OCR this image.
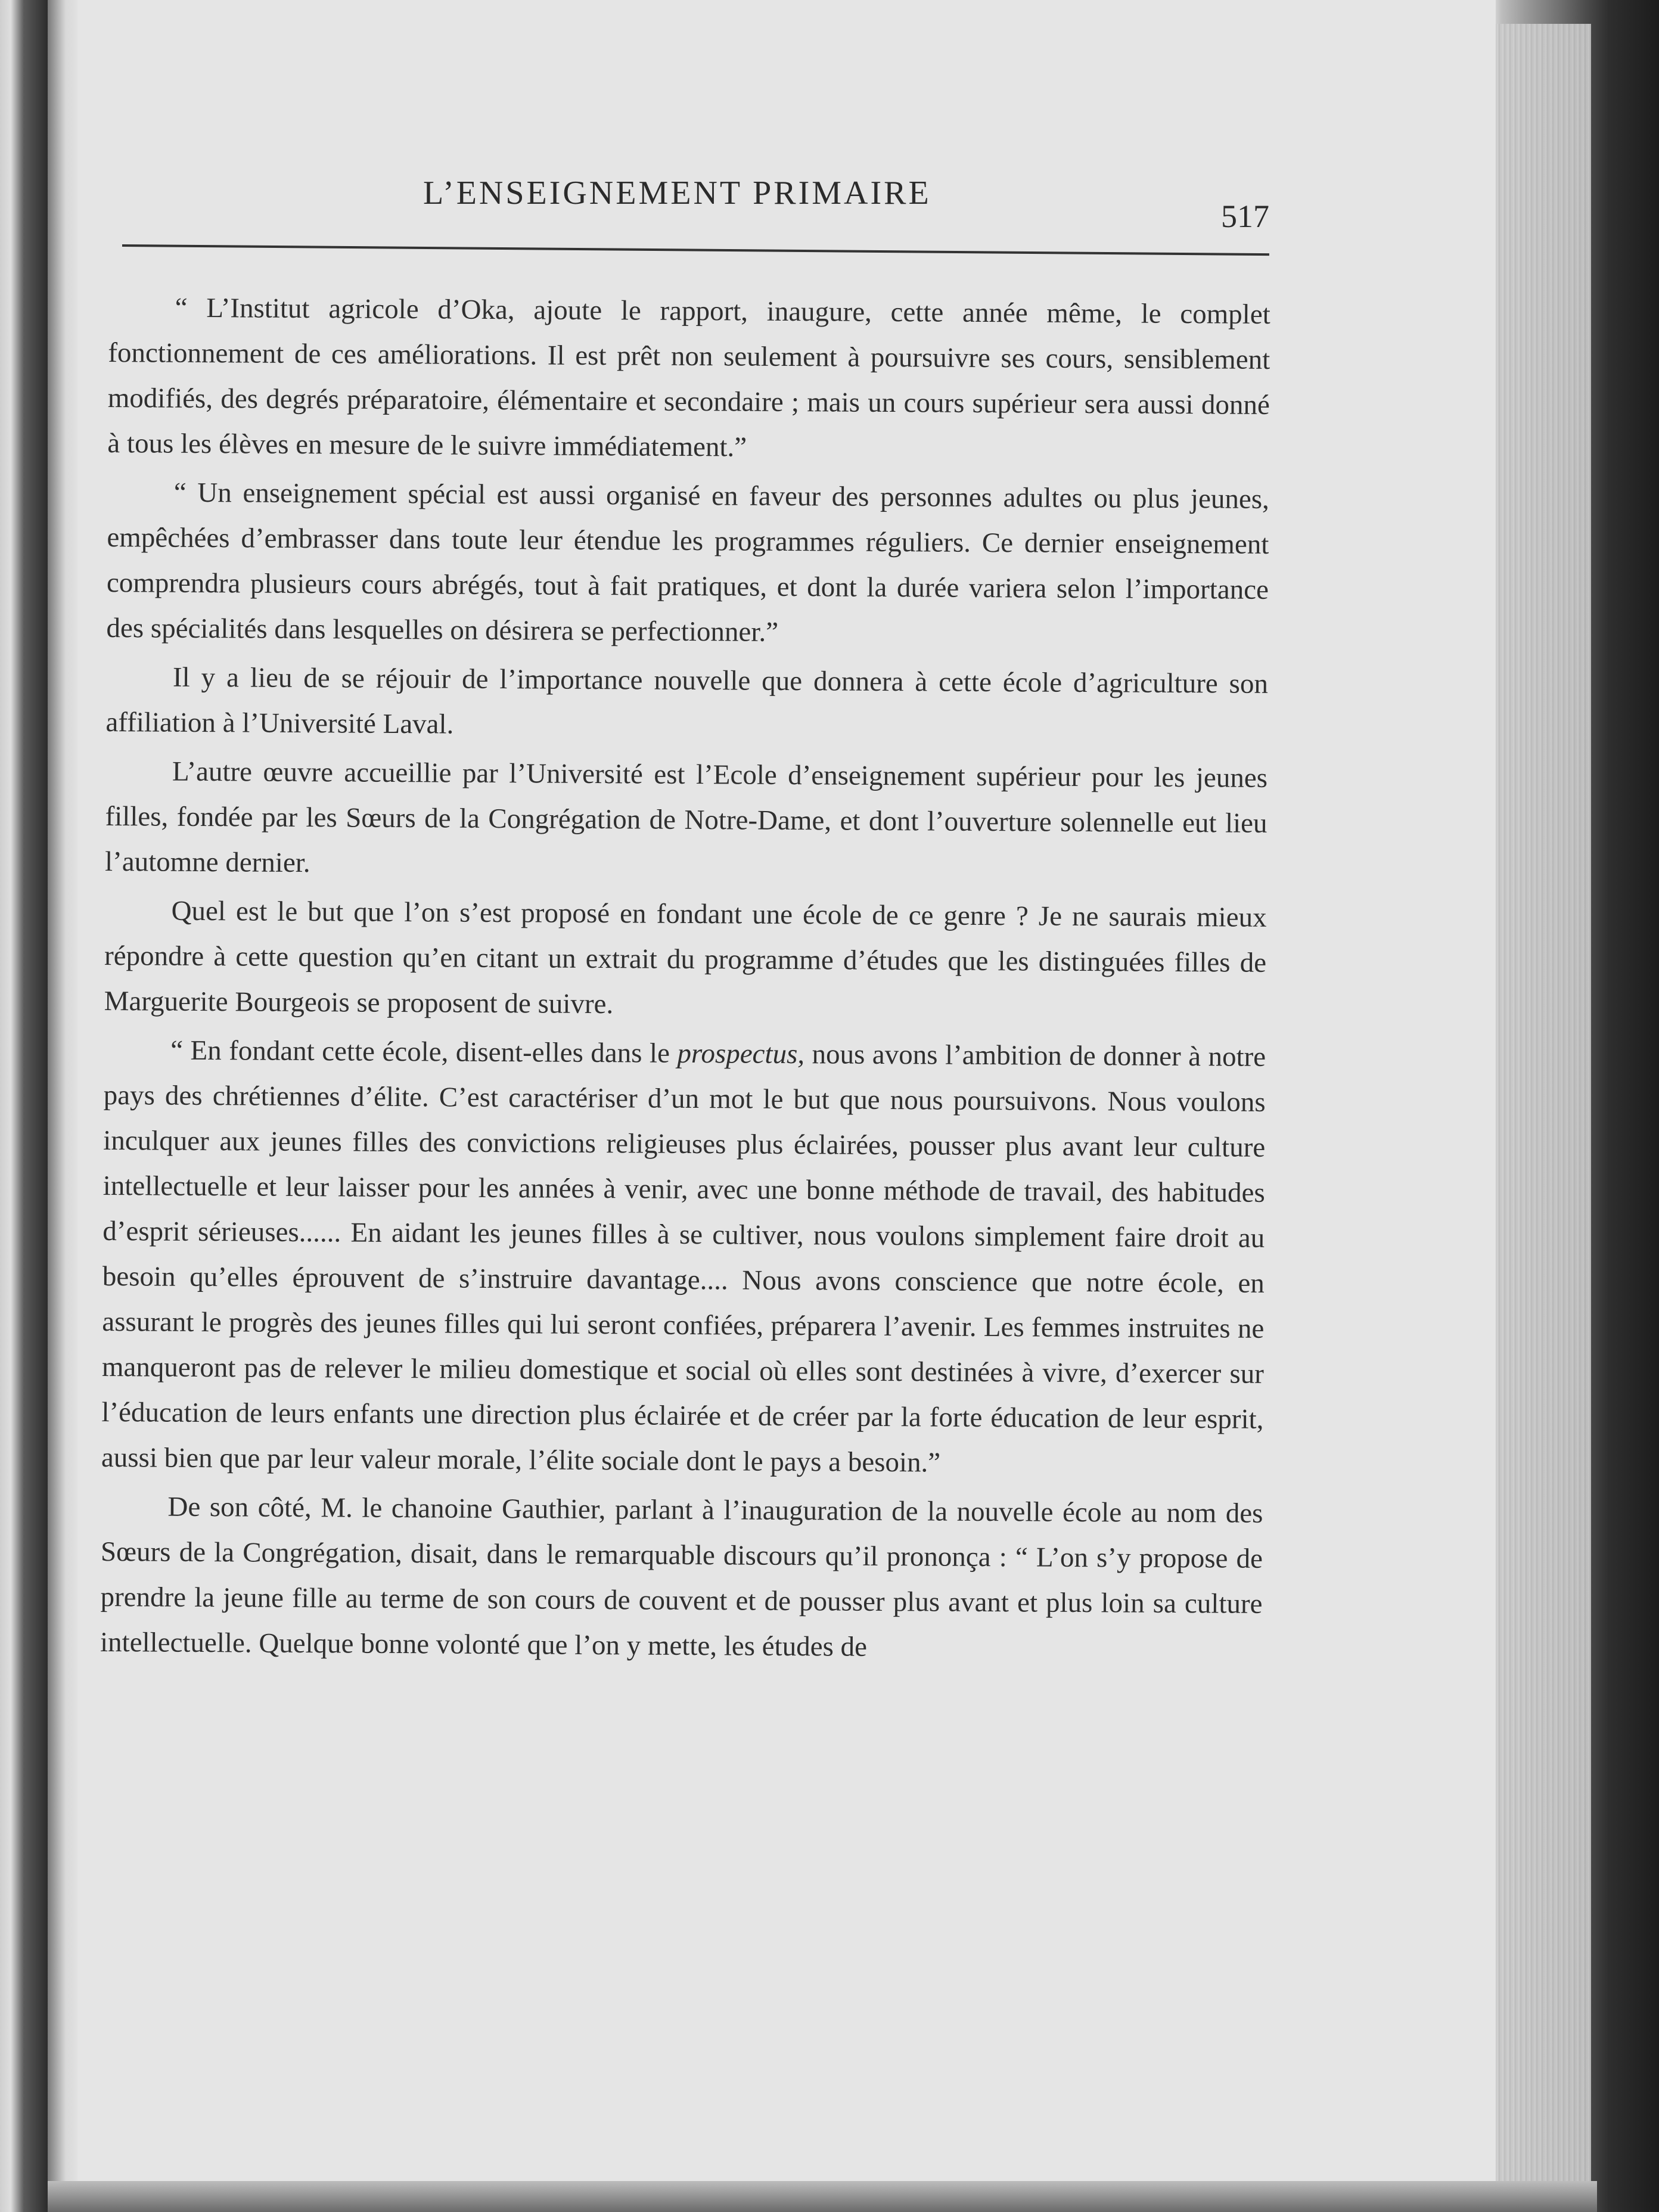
L’ENSEIGNEMENT PRIMAIRE
517

“ L’Institut agricole d’Oka, ajoute le rapport, inaugure, cette année même, le complet fonctionnement de ces améliorations. Il est prêt non seulement à poursuivre ses cours, sensiblement modifiés, des degrés préparatoire, élémentaire et secondaire ; mais un cours supérieur sera aussi donné à tous les élèves en mesure de le suivre immédiatement.”

“ Un enseignement spécial est aussi organisé en faveur des personnes adultes ou plus jeunes, empêchées d’embrasser dans toute leur étendue les programmes réguliers. Ce dernier enseignement comprendra plusieurs cours abrégés, tout à fait pratiques, et dont la durée variera selon l’importance des spécialités dans lesquelles on désirera se perfectionner.”

Il y a lieu de se réjouir de l’importance nouvelle que donnera à cette école d’agriculture son affiliation à l’Université Laval.

L’autre œuvre accueillie par l’Université est l’Ecole d’enseignement supérieur pour les jeunes filles, fondée par les Sœurs de la Congrégation de Notre-Dame, et dont l’ouverture solennelle eut lieu l’automne dernier.

Quel est le but que l’on s’est proposé en fondant une école de ce genre ? Je ne saurais mieux répondre à cette question qu’en citant un extrait du programme d’études que les distinguées filles de Marguerite Bourgeois se proposent de suivre.

“ En fondant cette école, disent-elles dans le prospectus, nous avons l’ambition de donner à notre pays des chrétiennes d’élite. C’est caractériser d’un mot le but que nous poursuivons. Nous voulons inculquer aux jeunes filles des convictions religieuses plus éclairées, pousser plus avant leur culture intellectuelle et leur laisser pour les années à venir, avec une bonne méthode de travail, des habitudes d’esprit sérieuses...... En aidant les jeunes filles à se cultiver, nous voulons simplement faire droit au besoin qu’elles éprouvent de s’instruire davantage.... Nous avons conscience que notre école, en assurant le progrès des jeunes filles qui lui seront confiées, préparera l’avenir. Les femmes instruites ne manqueront pas de relever le milieu domestique et social où elles sont destinées à vivre, d’exercer sur l’éducation de leurs enfants une direction plus éclairée et de créer par la forte éducation de leur esprit, aussi bien que par leur valeur morale, l’élite sociale dont le pays a besoin.”

De son côté, M. le chanoine Gauthier, parlant à l’inauguration de la nouvelle école au nom des Sœurs de la Congrégation, disait, dans le remarquable discours qu’il prononça : “ L’on s’y propose de prendre la jeune fille au terme de son cours de couvent et de pousser plus avant et plus loin sa culture intellectuelle. Quelque bonne volonté que l’on y mette, les études de
